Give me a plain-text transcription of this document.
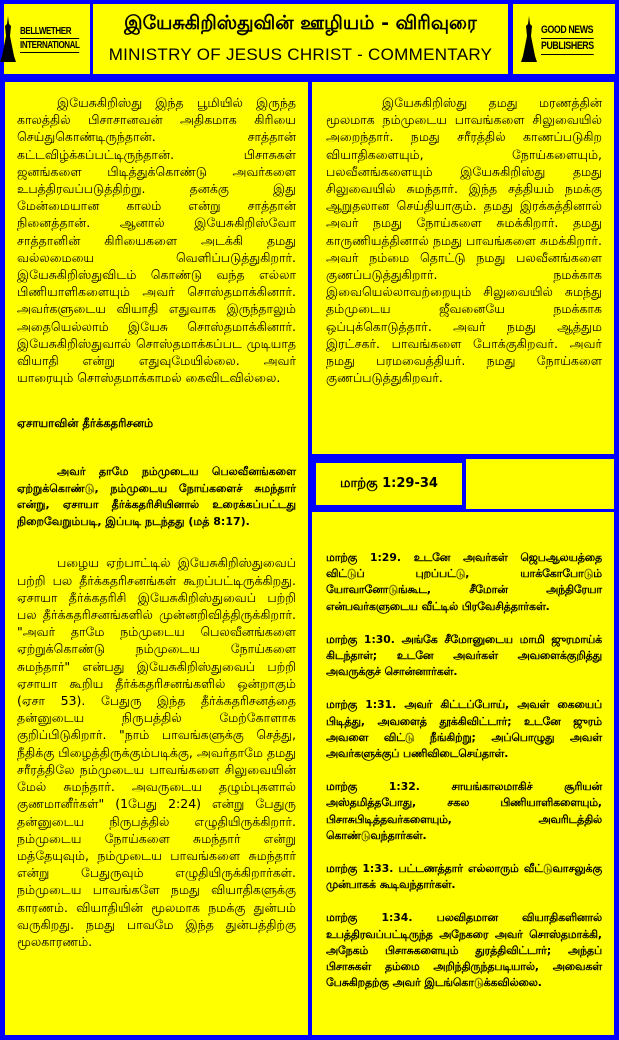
BELLWETHER
INTERNATIONAL
இயேசுகிறிஸ்துவின் ஊழியம் - விரிவுரை
MINISTRY OF JESUS CHRIST - COMMENTARY
GOOD NEWS
PUBLISHERS

இயேசுகிறிஸ்து இந்த பூமியில் இருந்த காலத்தில் பிசாசானவன் அதிகமாக கிரியை செய்துகொண்டிருந்தான். சாத்தான் கட்டவிழ்க்கப்பட்டிருந்தான். பிசாசுகள் ஜனங்களை பிடித்துக்கொண்டு அவர்களை உபத்திரவப்படுத்திற்று. தனக்கு இது மேன்மையான காலம் என்று சாத்தான் நினைத்தான். ஆனால் இயேசுகிறிஸ்வோ சாத்தானின் கிரியைகளை அடக்கி தமது வல்லமையை வெளிப்படுத்துகிறார். இயேசுகிறிஸ்துவிடம் கொண்டு வந்த எல்லா பிணியாளிகளையும் அவர் சொஸ்தமாக்கினார். அவர்களுடைய வியாதி எதுவாக இருந்தாலும் அதையெல்லாம் இயேசு சொஸ்தமாக்கினார். இயேசுகிறிஸ்துவால் சொஸ்தமாக்கப்பட முடியாத வியாதி என்று எதுவுமேயில்லை. அவர் யாரையும் சொஸ்தமாக்காமல் கைவிடவில்லை.

ஏசாயாவின் தீர்க்கதரிசனம்

அவர் தாமே நம்முடைய பெலவீனங்களை ஏற்றுக்கொண்டு, நம்முடைய நோய்களைச் சுமந்தார் என்று, ஏசாயா தீர்க்கதரிசியினால் உரைக்கப்பட்டது நிறைவேறும்படி, இப்படி நடந்தது (மத் 8:17).

பழைய ஏற்பாட்டில் இயேசுகிறிஸ்துவைப் பற்றி பல தீர்க்கதரிசனங்கள் கூறப்பட்டிருக்கிறது. ஏசாயா தீர்க்கதரிசி இயேசுகிறிஸ்துவைப் பற்றி பல தீர்க்கதரிசனங்களில் முன்னறிவித்திருக்கிறார். "அவர் தாமே நம்முடைய பெலவீனங்களை ஏற்றுக்கொண்டு நம்முடைய நோய்களை சுமந்தார்" என்பது இயேசுகிறிஸ்துவைப் பற்றி ஏசாயா கூறிய தீர்க்கதரிசனங்களில் ஒன்றாகும் (ஏசா 53). பேதுரு இந்த தீர்க்கதரிசனத்தை தன்னுடைய நிருபத்தில் மேற்கோளாக குறிப்பிடுகிறார். "நாம் பாவங்களுக்கு செத்து, நீதிக்கு பிழைத்திருக்கும்படிக்கு, அவர்தாமே தமது சரீரத்திலே நம்முடைய பாவங்களை சிலுவையின் மேல் சுமந்தார். அவருடைய தழும்புகளால் குணமானீர்கள்" (1பேது 2:24) என்று பேதுரு தன்னுடைய நிருபத்தில் எழுதியிருக்கிறார். நம்முடைய நோய்களை சுமந்தார் என்று மத்தேயுவும், நம்முடைய பாவங்களை சுமந்தார் என்று பேதுருவும் எழுதியிருக்கிறார்கள். நம்முடைய பாவங்களே நமது வியாதிகளுக்கு காரணம். வியாதியின் மூலமாக நமக்கு துன்பம் வருகிறது. நமது பாவமே இந்த துன்பத்திற்கு மூலகாரணம்.

இயேசுகிறிஸ்து தமது மரணத்தின் மூலமாக நம்முடைய பாவங்களை சிலுவையில் அறைந்தார். நமது சரீரத்தில் காணப்படுகிற வியாதிகளையும், நோய்களையும், பலவீனங்களையும் இயேசுகிறிஸ்து தமது சிலுவையில் சுமந்தார். இந்த சத்தியம் நமக்கு ஆறுதலான செய்தியாகும். தமது இரக்கத்தினால் அவர் நமது நோய்களை சுமக்கிறார். தமது காருணியத்தினால் நமது பாவங்களை சுமக்கிறார். அவர் நம்மை தொட்டு நமது பலவீனங்களை குணப்படுத்துகிறார். நமக்காக இவையெல்லாவற்றையும் சிலுவையில் சுமந்து தம்முடைய ஜீவனையே நமக்காக ஒப்புக்கொடுத்தார். அவர் நமது ஆத்தும இரட்சகர். பாவங்களை போக்குகிறவர். அவர் நமது பரமவைத்தியர். நமது நோய்களை குணப்படுத்துகிறவர்.

மாற்கு 1:29-34

மாற்கு 1:29. உடனே அவர்கள் ஜெபஆலயத்தை விட்டுப் புறப்பட்டு, யாக்கோபோடும் யோவானோடுங்கூட, சீமோன் அந்திரேயா என்பவர்களுடைய வீட்டில் பிரவேசித்தார்கள்.

மாற்கு 1:30. அங்கே சீமோனுடைய மாமி ஜுரமாய்க் கிடந்தாள்; உடனே அவர்கள் அவளைக்குறித்து அவருக்குச் சொன்னார்கள்.

மாற்கு 1:31. அவர் கிட்டப்போய், அவள் கையைப் பிடித்து, அவளைத் தூக்கிவிட்டார்; உடனே ஜுரம் அவளை விட்டு நீங்கிற்று; அப்பொழுது அவள் அவர்களுக்குப் பணிவிடைசெய்தாள்.

மாற்கு 1:32. சாயங்காலமாகிச் சூரியன் அஸ்தமித்தபோது, சகல பிணியாளிகளையும், பிசாசுபிடித்தவர்களையும், அவரிடத்தில் கொண்டுவந்தார்கள்.

மாற்கு 1:33. பட்டணத்தார் எல்லாரும் வீட்டுவாசலுக்கு முன்பாகக் கூடிவந்தார்கள்.

மாற்கு 1:34. பலவிதமான வியாதிகளினால் உபத்திரவப்பட்டிருந்த அநேகரை அவர் சொஸ்தமாக்கி, அநேகம் பிசாசுகளையும் துரத்திவிட்டார்; அந்தப் பிசாசுகள் தம்மை அறிந்திருந்தபடியால், அவைகள் பேசுகிறதற்கு அவர் இடங்கொடுக்கவில்லை.
